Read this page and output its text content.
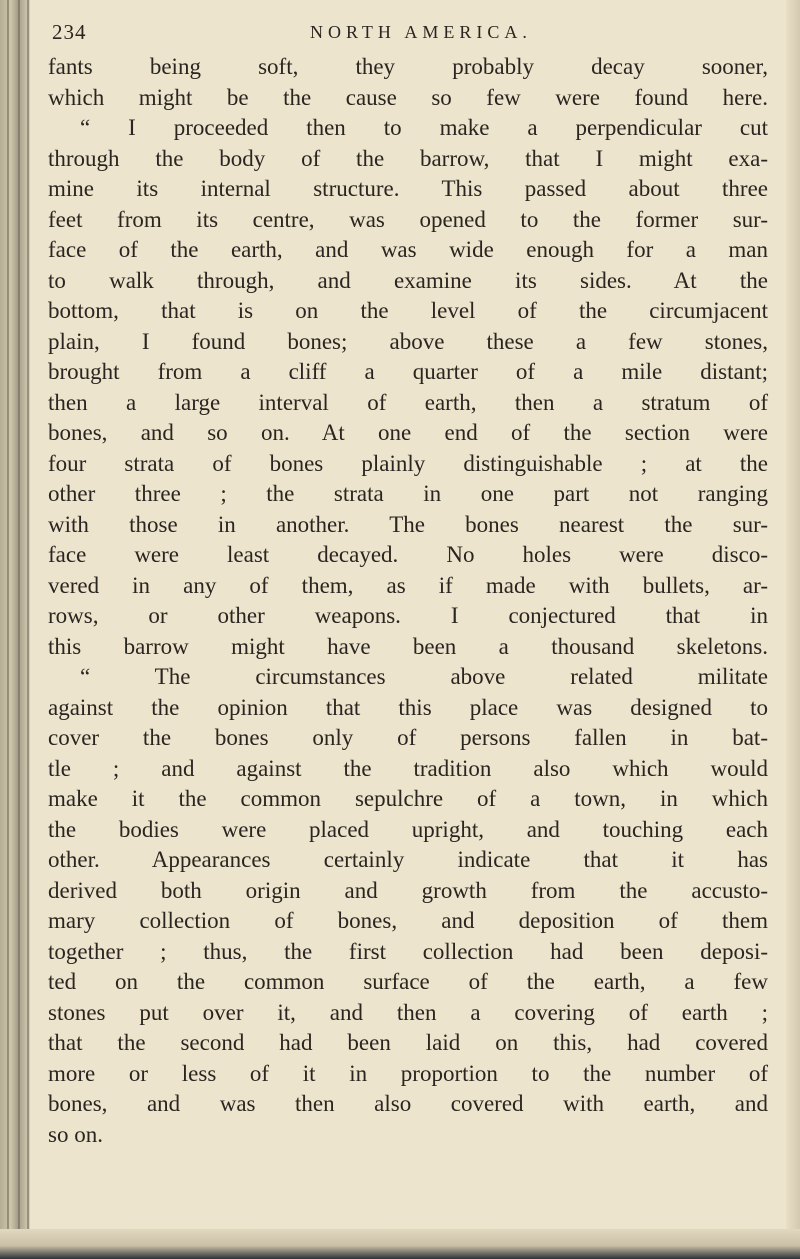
234	NORTH AMERICA.
fants being soft, they probably decay sooner,
which might be the cause so few were found here.
“ I proceeded then to make a perpendicular cut
through the body of the barrow, that I might exa-
mine its internal structure. This passed about three
feet from its centre, was opened to the former sur-
face of the earth, and was wide enough for a man
to walk through, and examine its sides. At the
bottom, that is on the level of the circumjacent
plain, I found bones; above these a few stones,
brought from a cliff a quarter of a mile distant;
then a large interval of earth, then a stratum of
bones, and so on. At one end of the section were
four strata of bones plainly distinguishable ; at the
other three ; the strata in one part not ranging
with those in another. The bones nearest the sur-
face were least decayed. No holes were disco-
vered in any of them, as if made with bullets, ar-
rows, or other weapons. I conjectured that in
this barrow might have been a thousand skeletons.
“ The circumstances above related militate
against the opinion that this place was designed to
cover the bones only of persons fallen in bat-
tle ; and against the tradition also which would
make it the common sepulchre of a town, in which
the bodies were placed upright, and touching each
other. Appearances certainly indicate that it has
derived both origin and growth from the accusto-
mary collection of bones, and deposition of them
together ; thus, the first collection had been deposi-
ted on the common surface of the earth, a few
stones put over it, and then a covering of earth ;
that the second had been laid on this, had covered
more or less of it in proportion to the number of
bones, and was then also covered with earth, and
so on.
